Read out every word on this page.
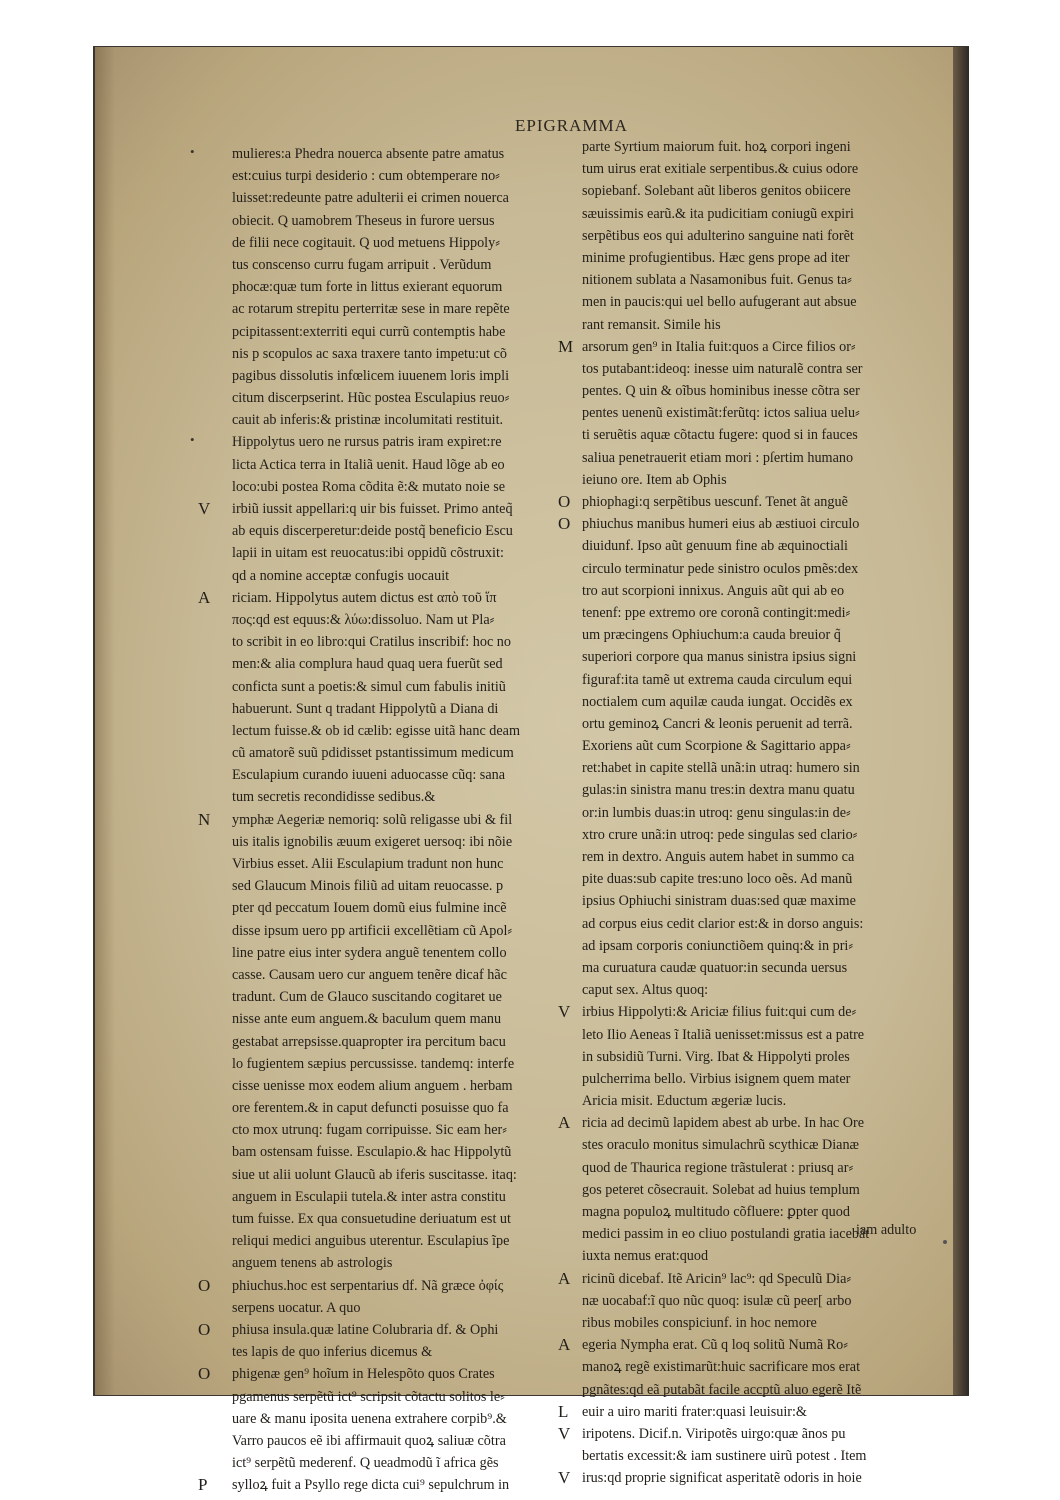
EPIGRAMMA
•	mulieres:a Phedra nouerca absente patre amatus
est:cuius turpi desiderio : cum obtemperare no⸗
luisset:redeunte patre adulterii ei crimen nouerca
obiecit. Q uamobrem Theseus in furore uersus
de filii nece cogitauit. Q uod metuens Hippoly⸗
tus conscenso curru fugam arripuit . Verũdum
phocæ:quæ tum forte in littus exierant equorum
ac rotarum strepitu perterritæ sese in mare repẽte
pcipitassent:exterriti equi currũ contemptis habe
nis p scopulos ac saxa traxere tanto impetu:ut cõ
pagibus dissolutis infœlicem iuuenem loris impli
citum discerpserint. Hũc postea Esculapius reuo⸗
cauit ab inferis:& pristinæ incolumitati restituit.
•	Hippolytus uero ne rursus patris iram expiret:re
licta Actica terra in Italiã uenit. Haud lõge ab eo
loco:ubi postea Roma cõdita ẽ:& mutato noie se
V irbiũ iussit appellari:q uir bis fuisset. Primo anteq̃
ab equis discerperetur:deide postq̃ beneficio Escu
lapii in uitam est reuocatus:ibi oppidũ cõstruxit:
qd a nomine acceptæ confugis uocauit
A riciam. Hippolytus autem dictus est απὸ τοῦ ἵπ
πος:qd est equus:& λύω:dissoluo. Nam ut Pla⸗
to scribit in eo libro:qui Cratilus inscribif: hoc no
men:& alia complura haud quaq uera fuerũt sed
conficta sunt a poetis:& simul cum fabulis initiũ
habuerunt. Sunt q tradant Hippolytũ a Diana di
lectum fuisse.& ob id cælib: egisse uitã hanc deam
cũ amatorẽ suũ pdidisset pstantissimum medicum
Esculapium curando iuueni aduocasse cũq: sana
tum secretis recondidisse sedibus.&
N ymphæ Aegeriæ nemoriq: solũ religasse ubi & fil
uis italis ignobilis æuum exigeret uersoq: ibi nõie
Virbius esset. Alii Esculapium tradunt non hunc
sed Glaucum Minois filiũ ad uitam reuocasse. p
pter qd peccatum Iouem domũ eius fulmine incẽ
disse ipsum uero pp artificii excellẽtiam cũ Apol⸗
line patre eius inter sydera anguẽ tenentem collo
casse. Causam uero cur anguem tenẽre dicaf hãc
tradunt. Cum de Glauco suscitando cogitaret ue
nisse ante eum anguem.& baculum quem manu
gestabat arrepsisse.quapropter ira percitum bacu
lo fugientem sæpius percussisse. tandemq: interfe
cisse uenisse mox eodem alium anguem . herbam
ore ferentem.& in caput defuncti posuisse quo fa
cto mox utrunq: fugam corripuisse. Sic eam her⸗
bam ostensam fuisse. Esculapio.& hac Hippolytũ
siue ut alii uolunt Glaucũ ab iferis suscitasse. itaq:
anguem in Esculapii tutela.& inter astra constitu
tum fuisse. Ex qua consuetudine deriuatum est ut
reliqui medici anguibus uterentur. Esculapius ĩpe
anguem tenens ab astrologis
O phiuchus.hoc est serpentarius df. Nã græce ὀφίς
serpens uocatur. A quo
O phiusa insula.quæ latine Colubraria df. & Ophi
tes lapis de quo inferius dicemus &
O phigenæ gen⁹ hoĩum in Helespõto quos Crates
pgamenus serpẽtũ ict⁹ scripsit cõtactu solitos le⸗
uare & manu iposita uenena extrahere corpib⁹.&
Varro paucos eẽ ibi affirmauit quoꝝ saliuæ cõtra
ict⁹ serpẽtũ mederenf. Q ueadmodũ ĩ africa gẽs
P sylloꝝ fuit a Psyllo rege dicta cui⁹ sepulchrum in
parte Syrtium maiorum fuit. hoꝝ corpori ingeni
tum uirus erat exitiale serpentibus.& cuius odore
sopiebanf. Solebant aũt liberos genitos obiicere
sæuissimis earũ.& ita pudicitiam coniugũ expiri
serpẽtibus eos qui adulterino sanguine nati forẽt
minime profugientibus. Hæc gens prope ad iter
nitionem sublata a Nasamonibus fuit. Genus ta⸗
men in paucis:qui uel bello aufugerant aut absue
rant remansit. Simile his
M arsorum gen⁹ in Italia fuit:quos a Circe filios or⸗
tos putabant:ideoq: inesse uim naturalẽ contra ser
pentes. Q uin & oĩbus hominibus inesse cõtra ser
pentes uenenũ existimãt:ferũtq: ictos saliua uelu⸗
ti seruẽtis aquæ cõtactu fugere: quod si in fauces
saliua penetrauerit etiam mori : pſertim humano
ieiuno ore. Item ab Ophis
O phiophagi:q serpẽtibus uescunf. Tenet ãt anguẽ
O phiuchus manibus humeri eius ab æstiuoi circulo
diuidunf. Ipso aũt genuum fine ab æquinoctiali
circulo terminatur pede sinistro oculos pmẽs:dex
tro aut scorpioni innixus. Anguis aũt qui ab eo
tenenf: ppe extremo ore coronã contingit:medi⸗
um præcingens Ophiuchum:a cauda breuior q̃
superiori corpore qua manus sinistra ipsius signi
figuraf:ita tamẽ ut extrema cauda circulum equi
noctialem cum aquilæ cauda iungat. Occidẽs ex
ortu geminoꝝ Cancri & leonis peruenit ad terrã.
Exoriens aũt cum Scorpione & Sagittario appa⸗
ret:habet in capite stellã unã:in utraq: humero sin
gulas:in sinistra manu tres:in dextra manu quatu
or:in lumbis duas:in utroq: genu singulas:in de⸗
xtro crure unã:in utroq: pede singulas sed clario⸗
rem in dextro. Anguis autem habet in summo ca
pite duas:sub capite tres:uno loco oẽs. Ad manũ
ipsius Ophiuchi sinistram duas:sed quæ maxime
ad corpus eius cedit clarior est:& in dorso anguis:
ad ipsam corporis coniunctiõem quinq:& in pri⸗
ma curuatura caudæ quatuor:in secunda uersus
caput sex. Altus quoq:
V irbius Hippolyti:& Ariciæ filius fuit:qui cum de⸗
leto Ilio Aeneas ĩ Italiã uenisset:missus est a patre
in subsidiũ Turni. Virg. Ibat & Hippolyti proles
pulcherrima bello. Virbius isignem quem mater
Aricia misit. Eductum ægeriæ lucis.
A ricia ad decimũ lapidem abest ab urbe. In hac Ore
stes oraculo monitus simulachrũ scythicæ Dianæ
quod de Thaurica regione trãstulerat : priusq ar⸗
gos peteret cõsecrauit. Solebat ad huius templum
magna populoꝝ multitudo cõfluere: ꝑpter quod
medici passim in eo cliuo postulandi gratia iacebãt
iuxta nemus erat:quod
A ricinũ dicebaf. Itẽ Aricin⁹ lac⁹: qd Speculũ Dia⸗
næ uocabaf:ĩ quo nũc quoq: isulæ cũ peer[ arbo
ribus mobiles conspiciunf. in hoc nemore
A egeria Nympha erat. Cũ q loq solitũ Numã Ro⸗
manoꝝ regẽ existimarũt:huic sacrificare mos erat
pgnãtes:qd eã putabãt facile accptũ aluo egerẽ Itẽ
L euir a uiro mariti frater:quasi leuisuir:&
V iripotens. Dicif.n. Viripotẽs uirgo:quæ ãnos pu
bertatis excessit:& iam sustinere uirũ potest . Item
V irus:qd proprie significat asperitatẽ odoris in hoie
iam adulto
